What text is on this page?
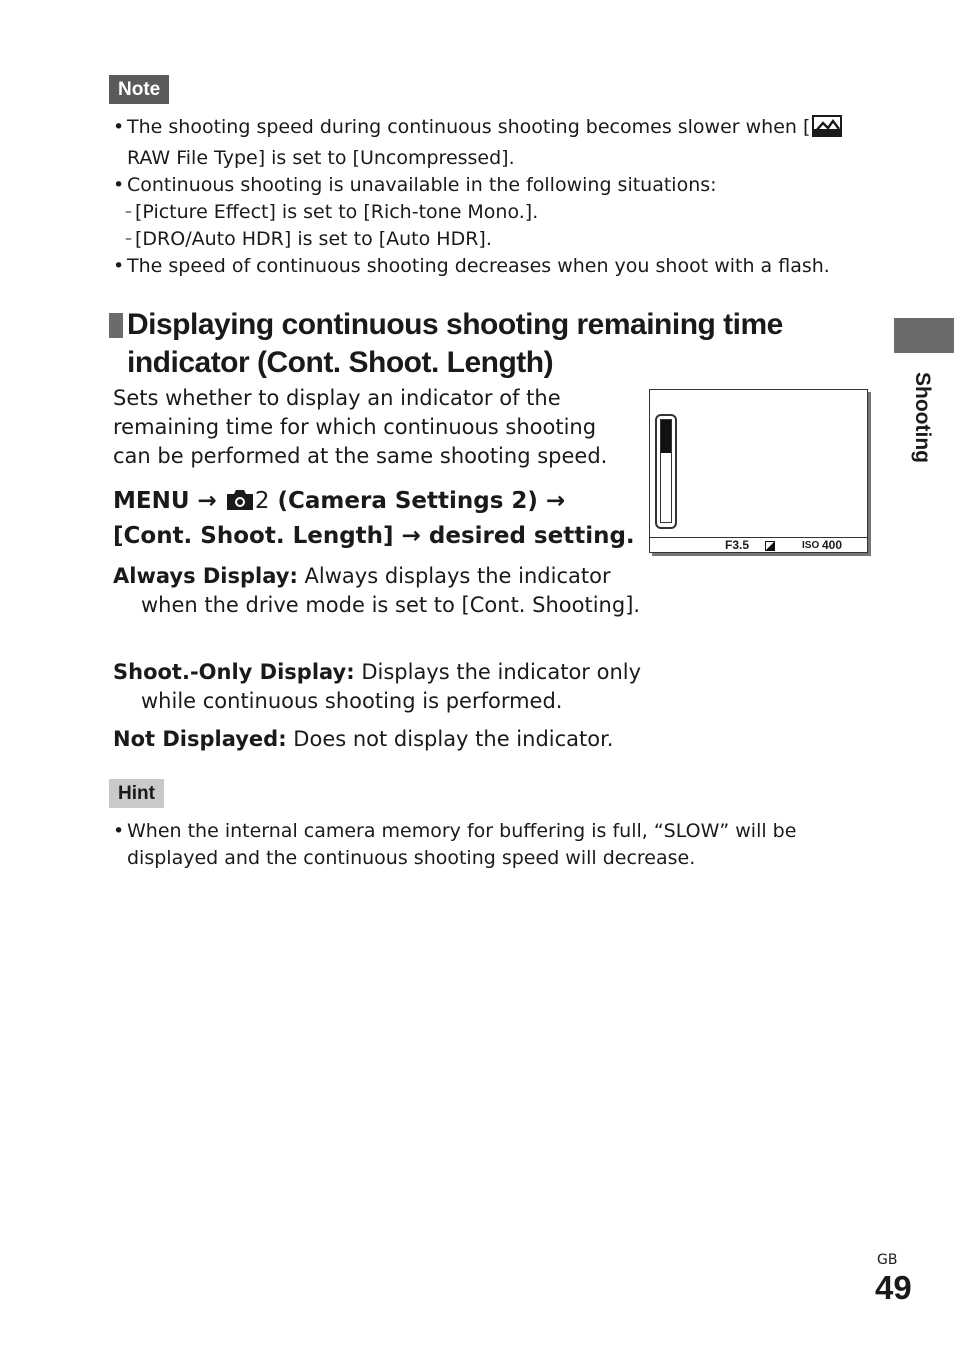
Note
• The shooting speed during continuous shooting becomes slower when [ RAW File Type] is set to [Uncompressed].
• Continuous shooting is unavailable in the following situations:
– [Picture Effect] is set to [Rich-tone Mono.].
– [DRO/Auto HDR] is set to [Auto HDR].
• The speed of continuous shooting decreases when you shoot with a flash.
Displaying continuous shooting remaining time indicator (Cont. Shoot. Length)
Sets whether to display an indicator of the remaining time for which continuous shooting can be performed at the same shooting speed.
MENU → 2 (Camera Settings 2) → [Cont. Shoot. Length] → desired setting.
Always Display: Always displays the indicator when the drive mode is set to [Cont. Shooting].
Shoot.-Only Display: Displays the indicator only while continuous shooting is performed.
Not Displayed: Does not display the indicator.
F3.5	ISO 400
Hint
• When the internal camera memory for buffering is full, “SLOW” will be displayed and the continuous shooting speed will decrease.
Shooting
GB
49
